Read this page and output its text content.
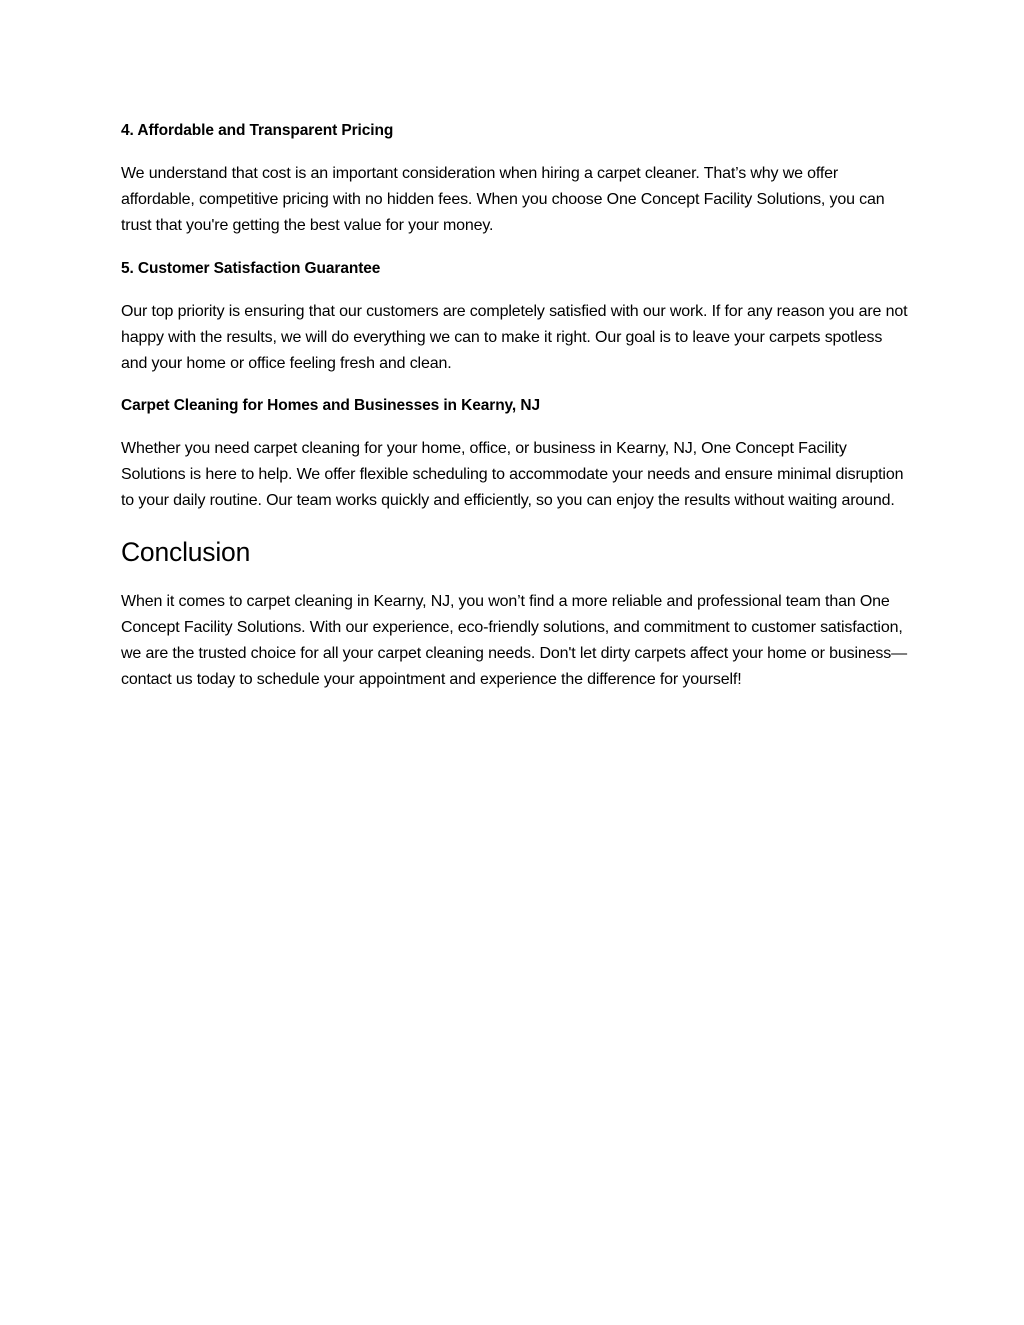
4. Affordable and Transparent Pricing
We understand that cost is an important consideration when hiring a carpet cleaner. That’s why we offer affordable, competitive pricing with no hidden fees. When you choose One Concept Facility Solutions, you can trust that you're getting the best value for your money.
5. Customer Satisfaction Guarantee
Our top priority is ensuring that our customers are completely satisfied with our work. If for any reason you are not happy with the results, we will do everything we can to make it right. Our goal is to leave your carpets spotless and your home or office feeling fresh and clean.
Carpet Cleaning for Homes and Businesses in Kearny, NJ
Whether you need carpet cleaning for your home, office, or business in Kearny, NJ, One Concept Facility Solutions is here to help. We offer flexible scheduling to accommodate your needs and ensure minimal disruption to your daily routine. Our team works quickly and efficiently, so you can enjoy the results without waiting around.
Conclusion
When it comes to carpet cleaning in Kearny, NJ, you won’t find a more reliable and professional team than One Concept Facility Solutions. With our experience, eco-friendly solutions, and commitment to customer satisfaction, we are the trusted choice for all your carpet cleaning needs. Don't let dirty carpets affect your home or business—contact us today to schedule your appointment and experience the difference for yourself!
